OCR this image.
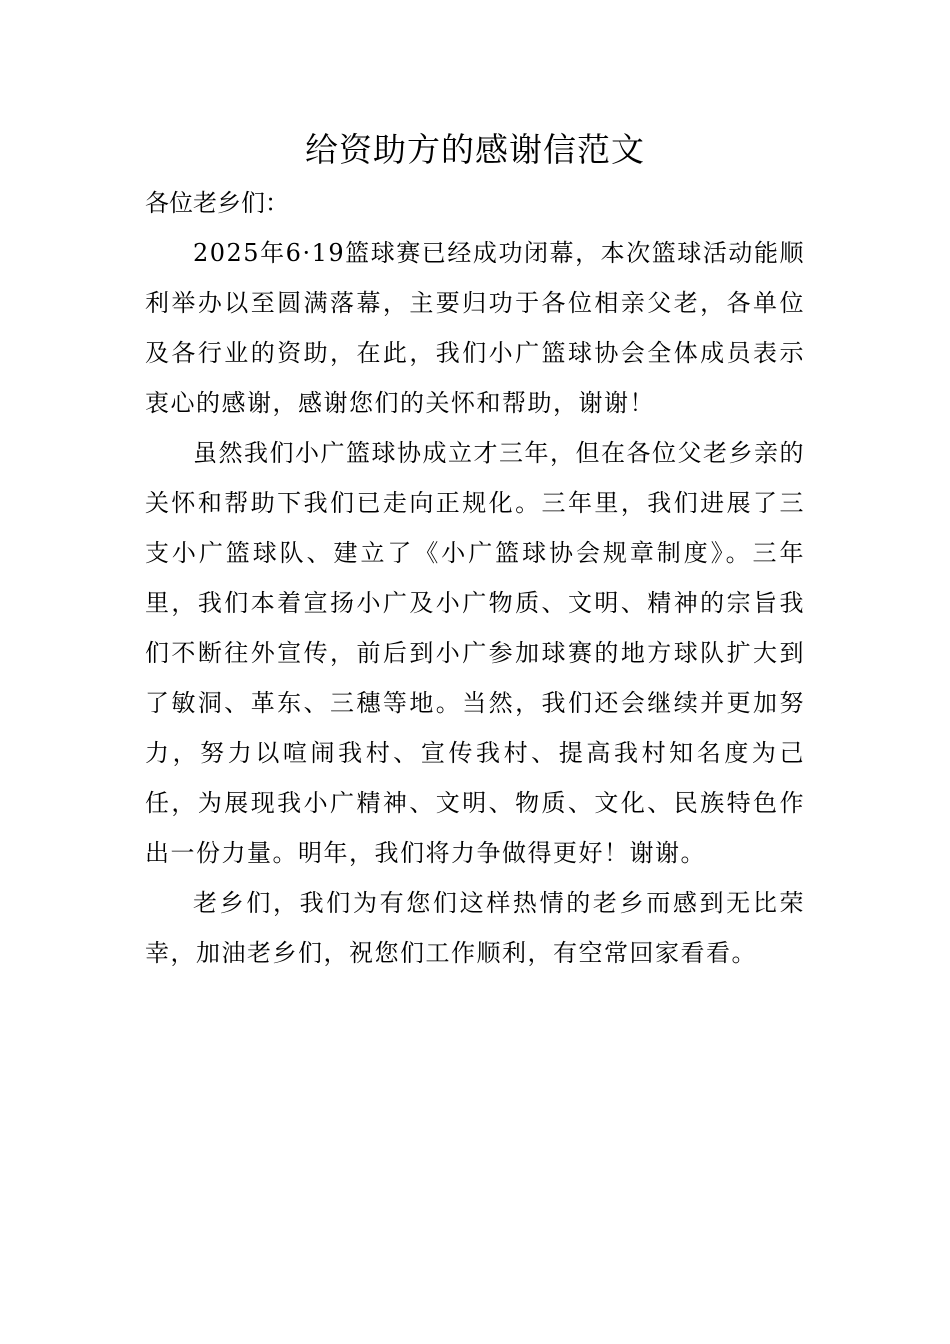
给资助方的感谢信范文

各位老乡们：

2025年6·19篮球赛已经成功闭幕，本次篮球活动能顺利举办以至圆满落幕，主要归功于各位相亲父老，各单位及各行业的资助，在此，我们小广篮球协会全体成员表示衷心的感谢，感谢您们的关怀和帮助，谢谢！

虽然我们小广篮球协成立才三年，但在各位父老乡亲的关怀和帮助下我们已走向正规化。三年里，我们进展了三支小广篮球队、建立了《小广篮球协会规章制度》。三年里，我们本着宣扬小广及小广物质、文明、精神的宗旨我们不断往外宣传，前后到小广参加球赛的地方球队扩大到了敏洞、革东、三穗等地。当然，我们还会继续并更加努力，努力以喧闹我村、宣传我村、提高我村知名度为己任，为展现我小广精神、文明、物质、文化、民族特色作出一份力量。明年，我们将力争做得更好！谢谢。

老乡们，我们为有您们这样热情的老乡而感到无比荣幸，加油老乡们，祝您们工作顺利，有空常回家看看。
